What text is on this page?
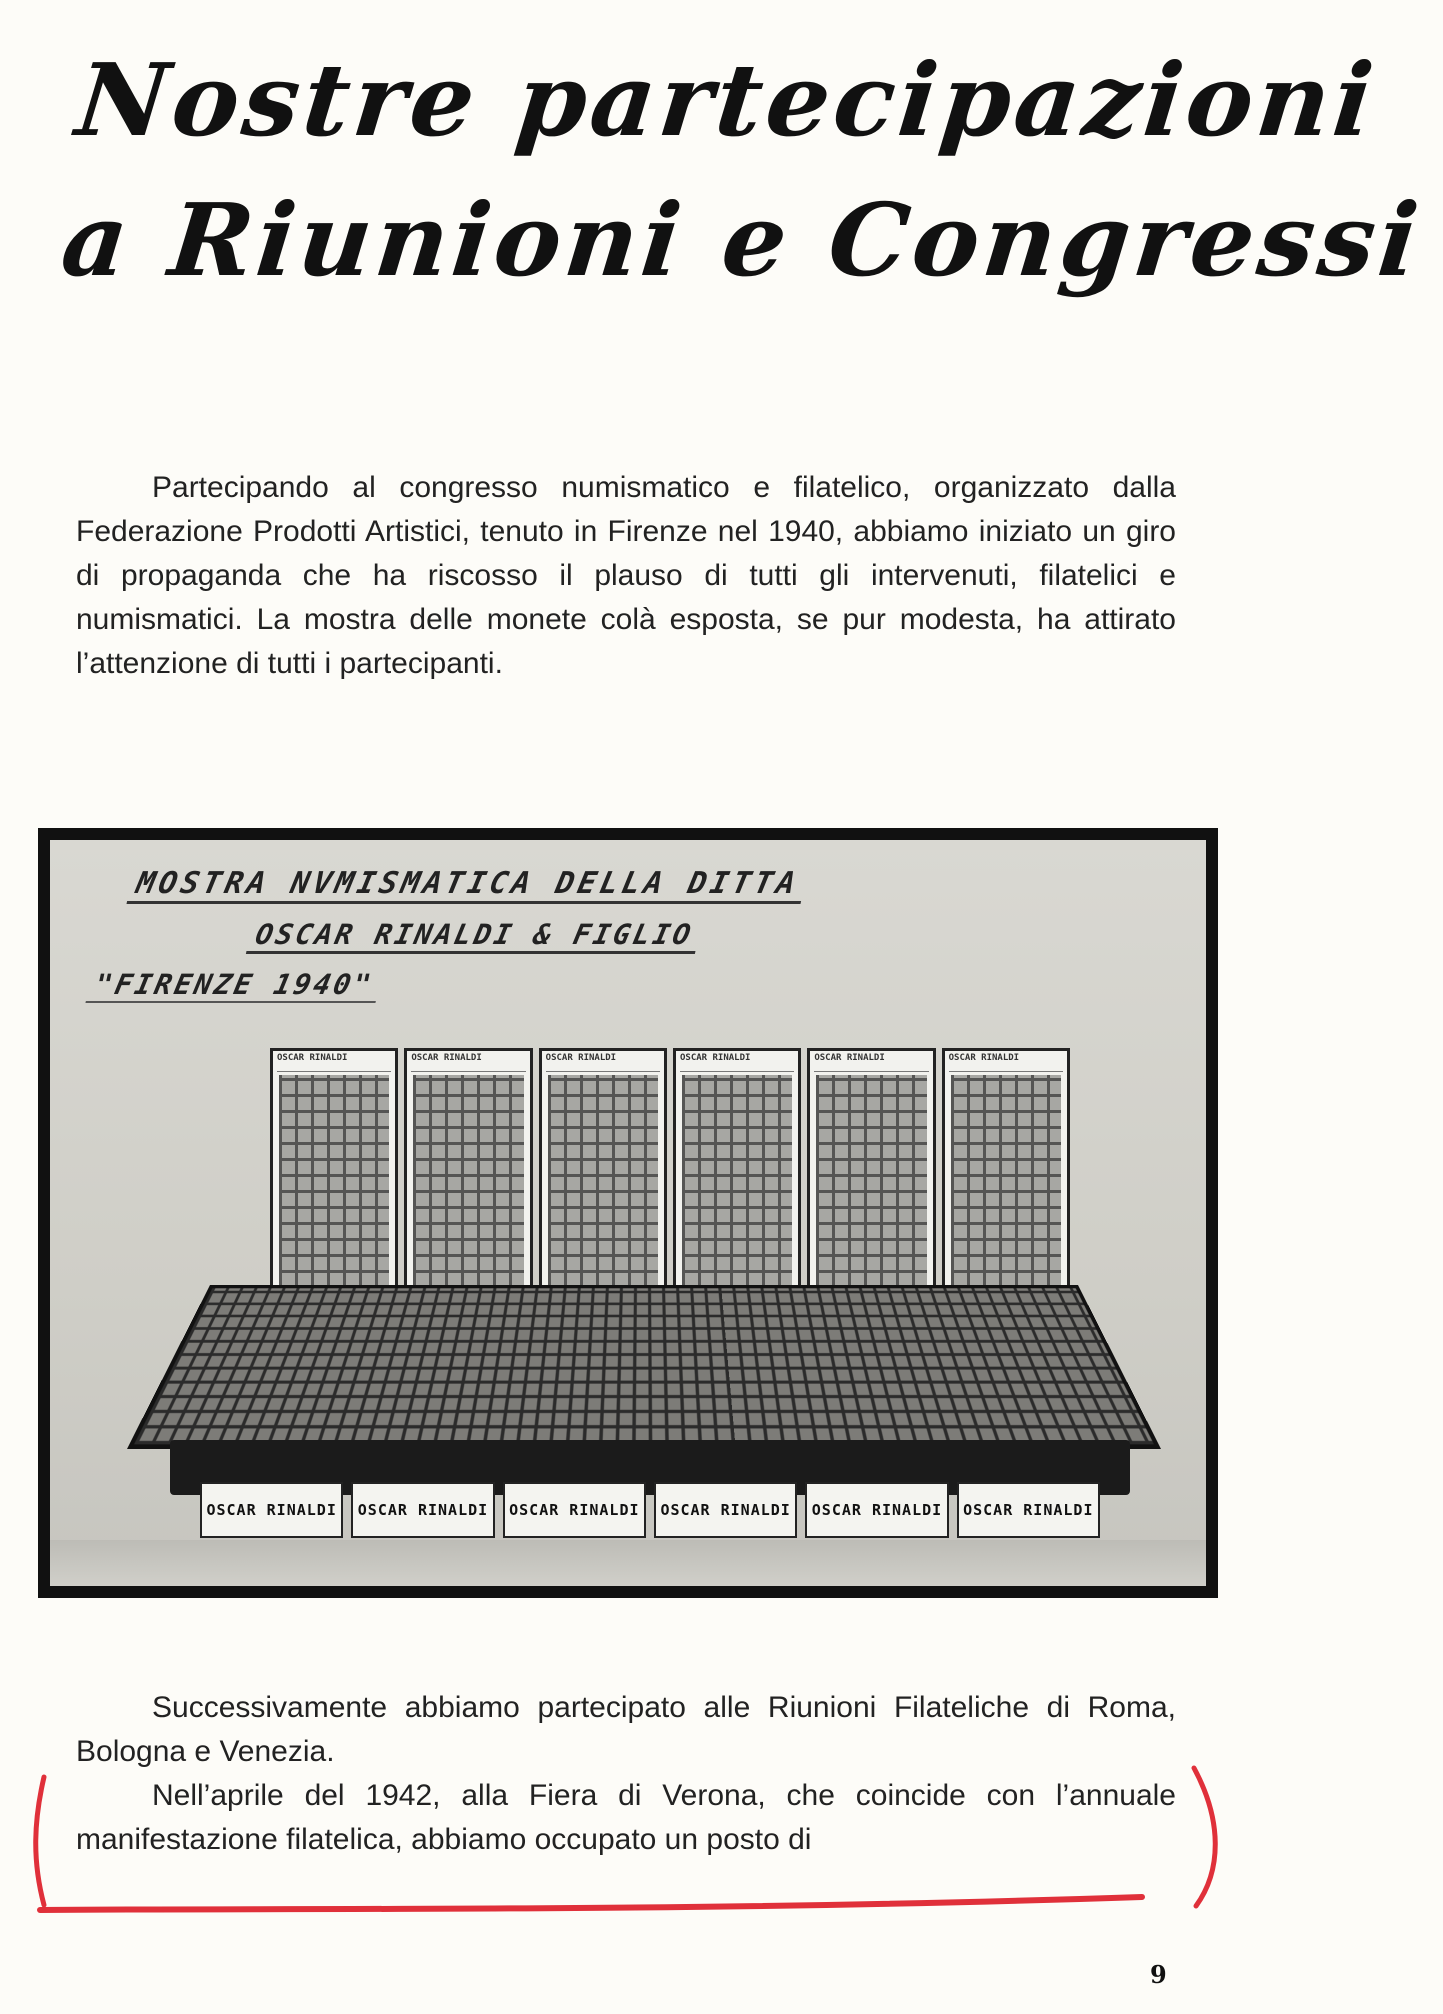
Nostre partecipazioni
a Riunioni e Congressi

Partecipando al congresso numismatico e filatelico, organizzato dalla Federazione Prodotti Artistici, tenuto in Firenze nel 1940, abbiamo iniziato un giro di propaganda che ha riscosso il plauso di tutti gli intervenuti, filatelici e numismatici. La mostra delle monete colà esposta, se pur modesta, ha attirato l’attenzione di tutti i partecipanti.

MOSTRA NVMISMATICA DELLA DITTA
OSCAR RINALDI & FIGLIO
"FIRENZE 1940"
OSCAR RINALDI	OSCAR RINALDI	OSCAR RINALDI	OSCAR RINALDI	OSCAR RINALDI	OSCAR RINALDI
OSCAR RINALDI	OSCAR RINALDI	OSCAR RINALDI	OSCAR RINALDI	OSCAR RINALDI	OSCAR RINALDI

Successivamente abbiamo partecipato alle Riunioni Filateliche di Roma, Bologna e Venezia.

Nell’aprile del 1942, alla Fiera di Verona, che coincide con l’annuale manifestazione filatelica, abbiamo occupato un posto di

9
